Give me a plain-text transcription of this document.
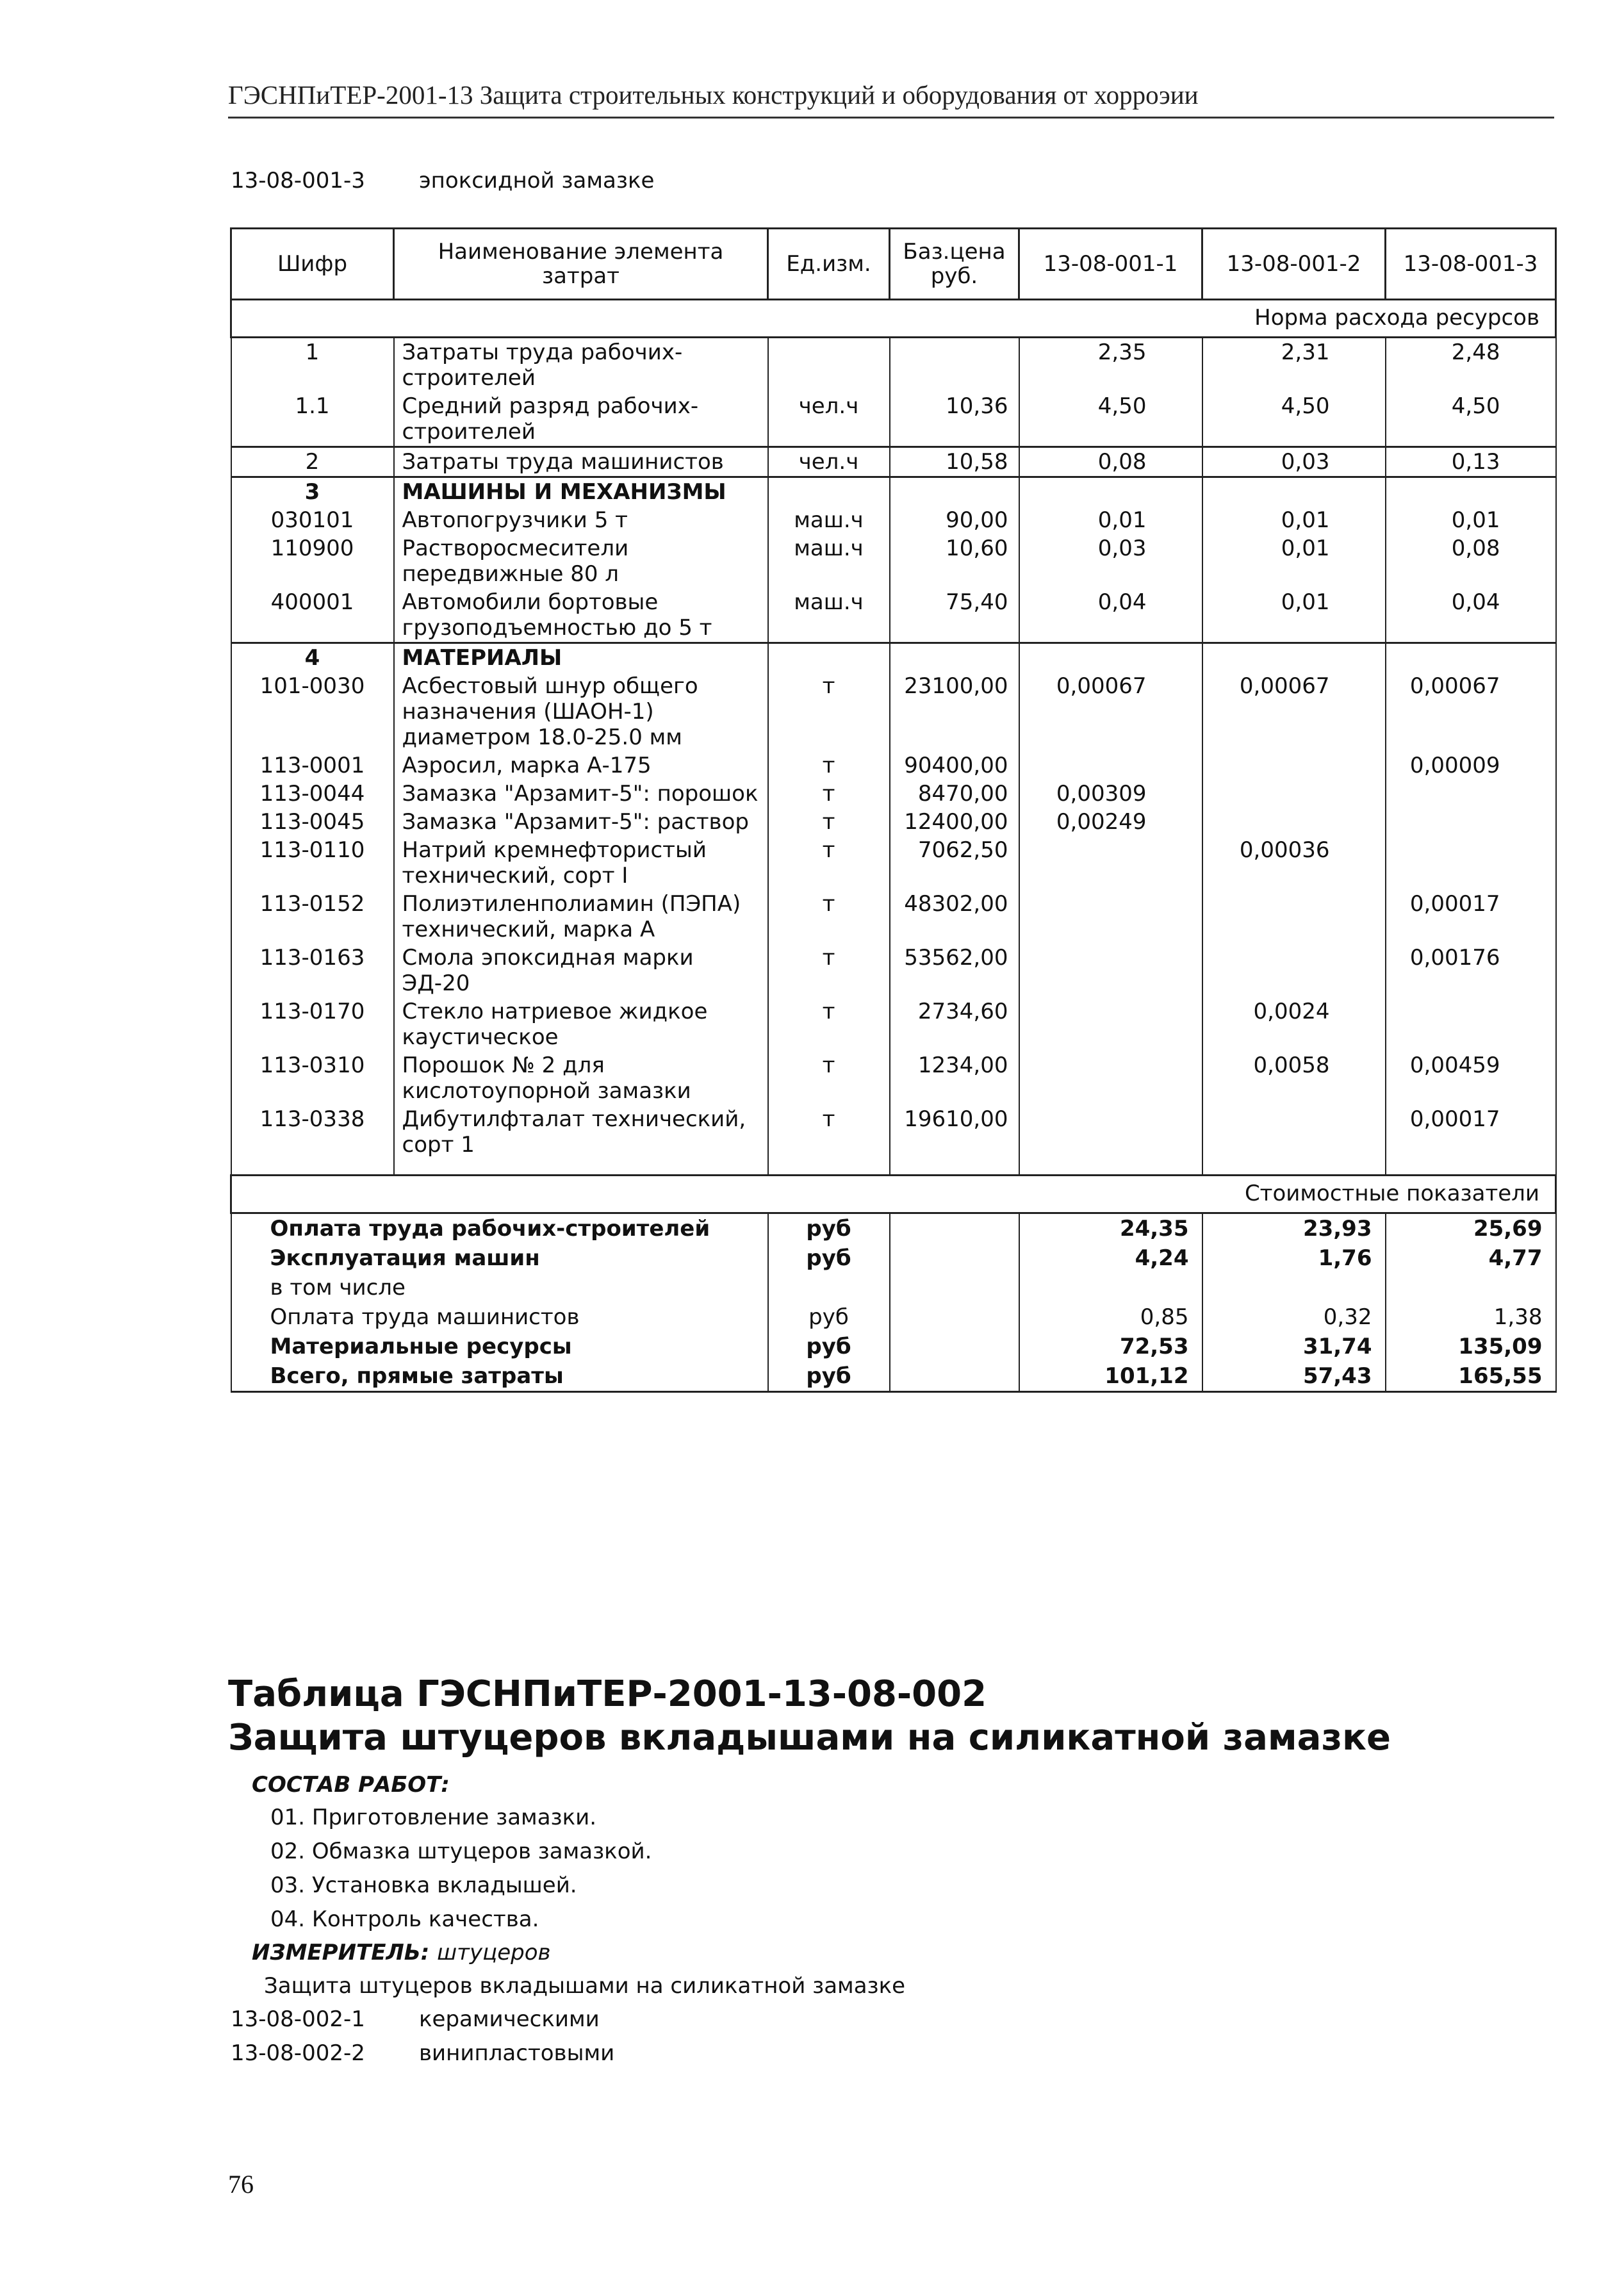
ГЭСНПиТЕР-2001-13 Защита строительных конструкций и оборудования от хорроэии
13-08-001-3 эпоксидной замазке
Шифр	Наименование элемента затрат	Ед.изм.	Баз.цена руб.	13-08-001-1	13-08-001-2	13-08-001-3
Норма расхода ресурсов						
1	Затраты труда рабочих-строителей			2,35	2,31	2,48
1.1	Средний разряд рабочих-строителей	чел.ч	10,36	4,50	4,50	4,50
2	Затраты труда машинистов	чел.ч	10,58	0,08	0,03	0,13
3	МАШИНЫ И МЕХАНИЗМЫ					
030101	Автопогрузчики 5 т	маш.ч	90,00	0,01	0,01	0,01
110900	Растворосмесители передвижные 80 л	маш.ч	10,60	0,03	0,01	0,08
400001	Автомобили бортовые грузоподъемностью до 5 т	маш.ч	75,40	0,04	0,01	0,04
4	МАТЕРИАЛЫ					
101-0030	Асбестовый шнур общего назначения (ШАОН-1) диаметром 18.0-25.0 мм	т	23100,00	0,00067	0,00067	0,00067
113-0001	Аэросил, марка А-175	т	90400,00			0,00009
113-0044	Замазка "Арзамит-5": порошок	т	8470,00	0,00309		
113-0045	Замазка "Арзамит-5": раствор	т	12400,00	0,00249		
113-0110	Натрий кремнефтористый технический, сорт I	т	7062,50		0,00036	
113-0152	Полиэтиленполиамин (ПЭПА) технический, марка А	т	48302,00			0,00017
113-0163	Смола эпоксидная марки ЭД-20	т	53562,00			0,00176
113-0170	Стекло натриевое жидкое каустическое	т	2734,60		0,0024	
113-0310	Порошок № 2 для кислотоупорной замазки	т	1234,00		0,0058	0,00459
113-0338	Дибутилфталат технический, сорт 1	т	19610,00			0,00017

Стоимостные показатели						
Оплата труда рабочих-строителей		руб		24,35	23,93	25,69
Эксплуатация машин		руб		4,24	1,76	4,77
в том числе						
Оплата труда машинистов		руб		0,85	0,32	1,38
Материальные ресурсы		руб		72,53	31,74	135,09
Всего, прямые затраты		руб		101,12	57,43	165,55
Таблица ГЭСНПиТЕР-2001-13-08-002
Защита штуцеров вкладышами на силикатной замазке
СОСТАВ РАБОТ:
01. Приготовление замазки.
02. Обмазка штуцеров замазкой.
03. Установка вкладышей.
04. Контроль качества.
ИЗМЕРИТЕЛЬ: штуцеров
Защита штуцеров вкладышами на силикатной замазке
13-08-002-1 керамическими
13-08-002-2 винипластовыми
76
